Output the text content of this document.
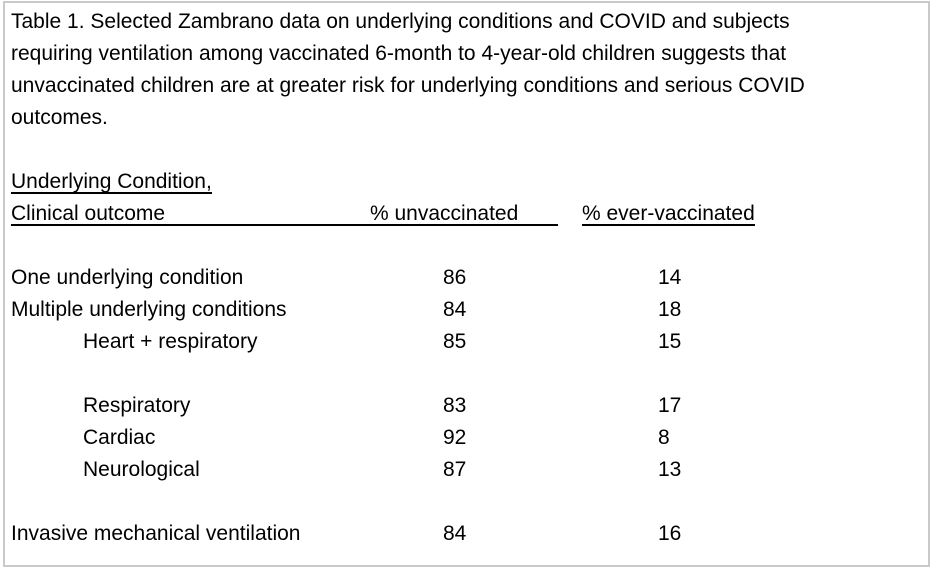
Table 1. Selected Zambrano data on underlying conditions and COVID and subjects
requiring ventilation among vaccinated 6-month to 4-year-old children suggests that
unvaccinated children are at greater risk for underlying conditions and serious COVID
outcomes.
Underlying Condition,
Clinical outcome	% unvaccinated	% ever-vaccinated
One underlying condition	86	14
Multiple underlying conditions	84	18
Heart + respiratory	85	15
Respiratory	83	17
Cardiac	92	8
Neurological	87	13
Invasive mechanical ventilation	84	16
